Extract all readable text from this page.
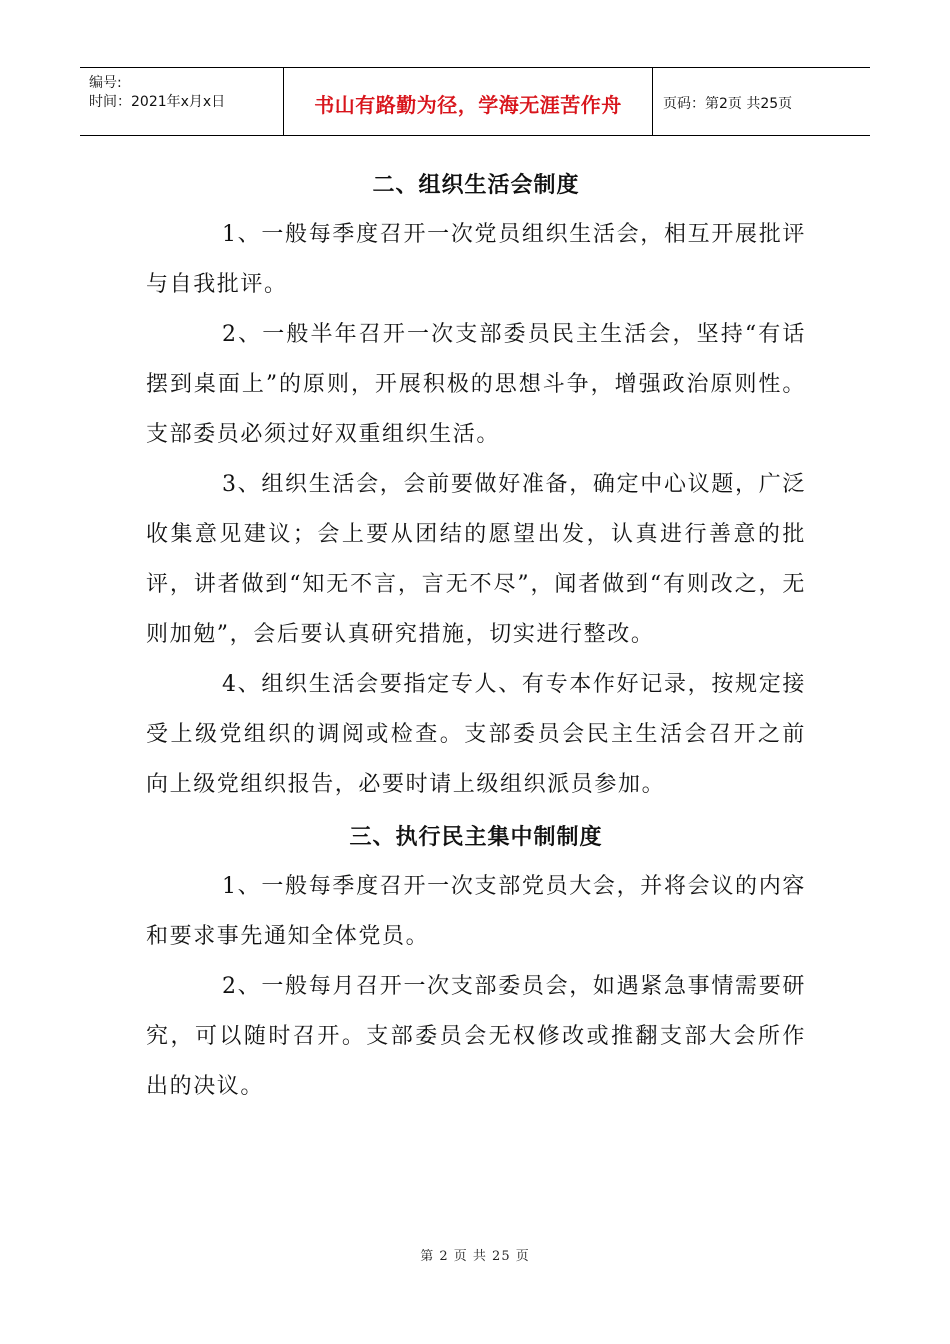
编号:
时间：2021年x月x日	书山有路勤为径，学海无涯苦作舟	页码：第2页 共25页
二、组织生活会制度

1、一般每季度召开一次党员组织生活会，相互开展批评与自我批评。

2、一般半年召开一次支部委员民主生活会，坚持“有话摆到桌面上”的原则，开展积极的思想斗争，增强政治原则性。支部委员必须过好双重组织生活。

3、组织生活会，会前要做好准备，确定中心议题，广泛收集意见建议；会上要从团结的愿望出发，认真进行善意的批评，讲者做到“知无不言，言无不尽”，闻者做到“有则改之，无则加勉”，会后要认真研究措施，切实进行整改。

4、组织生活会要指定专人、有专本作好记录，按规定接受上级党组织的调阅或检查。支部委员会民主生活会召开之前向上级党组织报告，必要时请上级组织派员参加。

三、执行民主集中制制度

1、一般每季度召开一次支部党员大会，并将会议的内容和要求事先通知全体党员。

2、一般每月召开一次支部委员会，如遇紧急事情需要研究，可以随时召开。支部委员会无权修改或推翻支部大会所作出的决议。

第 2 页 共 25 页
